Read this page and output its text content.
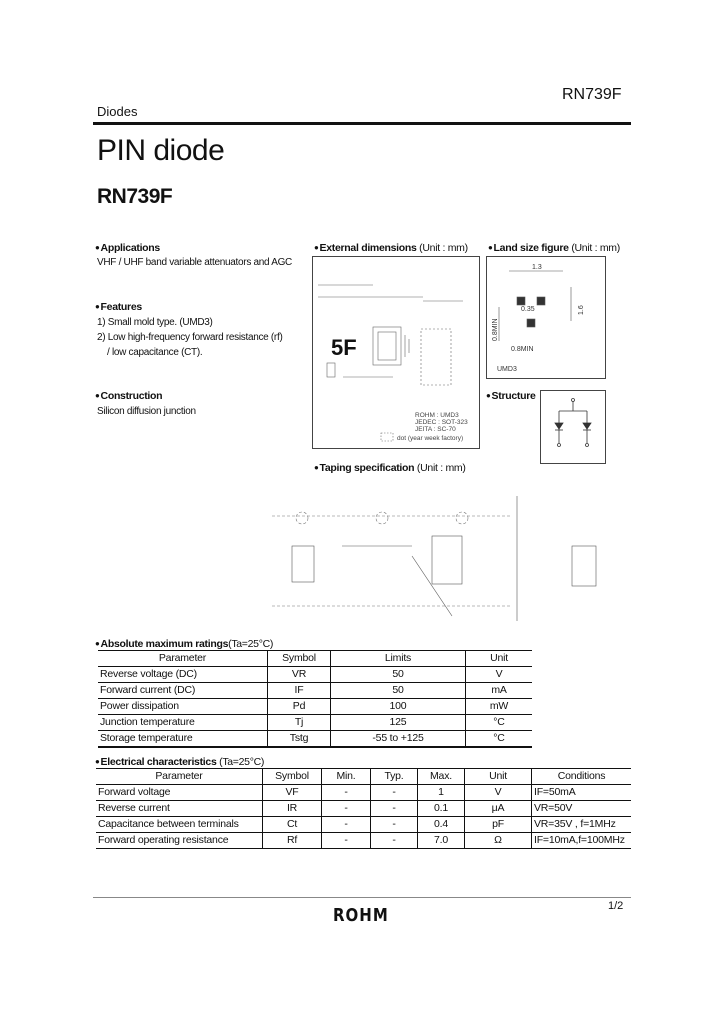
RN739F
Diodes
PIN diode
RN739F
● Applications
VHF / UHF band variable attenuators and AGC
● Features
1) Small mold type. (UMD3)
2) Low high-frequency forward resistance (rf)
/ low capacitance (CT).
● Construction
Silicon diffusion junction
● External dimensions (Unit : mm)
5F
ROHM : UMD3
JEDEC : SOT-323
JEITA : SC-70
dot (year week factory)
● Land size figure (Unit : mm)
1.3
0.35	1.6
0.8MIN
0.8MIN
UMD3
● Structure
● Taping specification (Unit : mm)
● Absolute maximum ratings(Ta=25°C)
Parameter	Symbol	Limits	Unit
Reverse voltage (DC)	VR	50	V
Forward current (DC)	IF	50	mA
Power dissipation	Pd	100	mW
Junction temperature	Tj	125	°C
Storage temperature	Tstg	-55 to +125	°C
● Electrical characteristics (Ta=25°C)
Parameter	Symbol	Min.	Typ.	Max.	Unit	Conditions
Forward voltage	VF	-	-	1	V	IF=50mA
Reverse current	IR	-	-	0.1	μA	VR=50V
Capacitance between terminals	Ct	-	-	0.4	pF	VR=35V , f=1MHz
Forward operating resistance	Rf	-	-	7.0	Ω	IF=10mA,f=100MHz
1/2
ROHM
